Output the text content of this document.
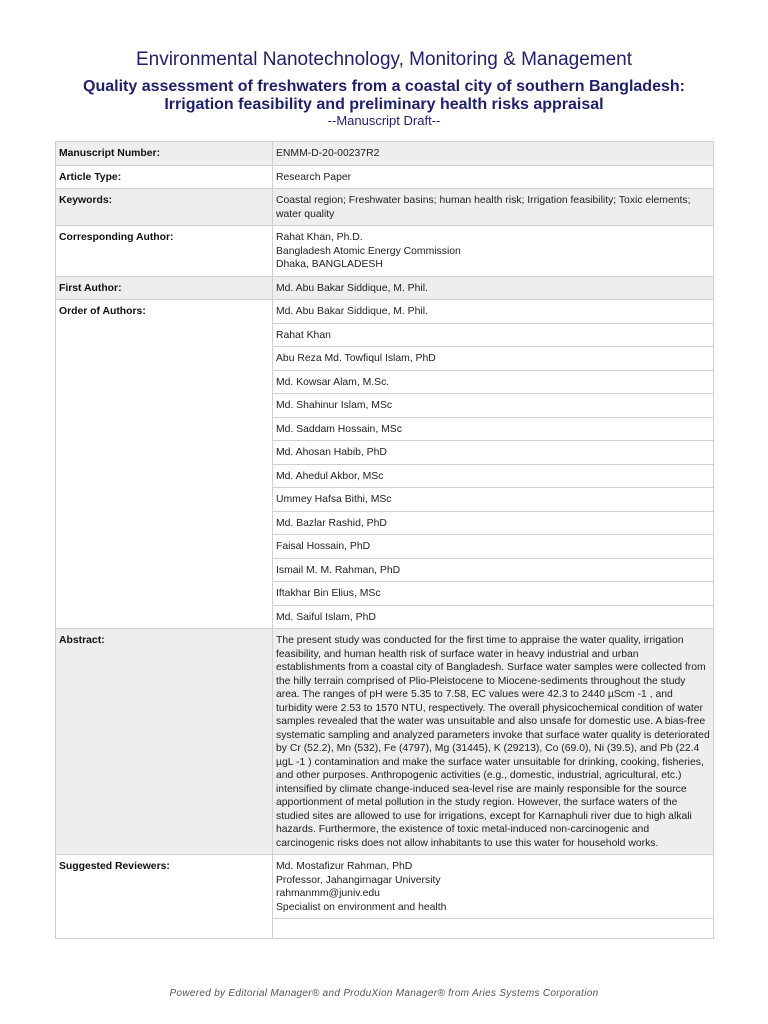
Environmental Nanotechnology, Monitoring & Management
Quality assessment of freshwaters from a coastal city of southern Bangladesh:
Irrigation feasibility and preliminary health risks appraisal
--Manuscript Draft--
Manuscript Number:	ENMM-D-20-00237R2
Article Type:	Research Paper
Keywords:	Coastal region; Freshwater basins; human health risk; Irrigation feasibility; Toxic elements; water quality
Corresponding Author:	Rahat Khan, Ph.D.
Bangladesh Atomic Energy Commission
Dhaka, BANGLADESH

First Author:	Md. Abu Bakar Siddique, M. Phil.
Order of Authors:	Md. Abu Bakar Siddique, M. Phil.
	Rahat Khan
	Abu Reza Md. Towfiqul Islam, PhD
	Md. Kowsar Alam, M.Sc.
	Md. Shahinur Islam, MSc
	Md. Saddam Hossain, MSc
	Md. Ahosan Habib, PhD
	Md. Ahedul Akbor, MSc
	Ummey Hafsa Bithi, MSc
	Md. Bazlar Rashid, PhD
	Faisal Hossain, PhD
	Ismail M. M. Rahman, PhD
	Iftakhar Bin Elius, MSc
	Md. Saiful Islam, PhD
Abstract:	The present study was conducted for the first time to appraise the water quality, irrigation feasibility, and human health risk of surface water in heavy industrial and urban establishments from a coastal city of Bangladesh. Surface water samples were collected from the hilly terrain comprised of Plio-Pleistocene to Miocene-sediments throughout the study area. The ranges of pH were 5.35 to 7.58, EC values were 42.3 to 2440 µScm -1 , and turbidity were 2.53 to 1570 NTU, respectively. The overall physicochemical condition of water samples revealed that the water was unsuitable and also unsafe for domestic use. A bias-free systematic sampling and analyzed parameters invoke that surface water quality is deteriorated by Cr (52.2), Mn (532), Fe (4797), Mg (31445), K (29213), Co (69.0), Ni (39.5), and Pb (22.4 µgL -1 ) contamination and make the surface water unsuitable for drinking, cooking, fisheries, and other purposes. Anthropogenic activities (e.g., domestic, industrial, agricultural, etc.) intensified by climate change-induced sea-level rise are mainly responsible for the source apportionment of metal pollution in the study region. However, the surface waters of the studied sites are allowed to use for irrigations, except for Karnaphuli river due to high alkali hazards. Furthermore, the existence of toxic metal-induced non-carcinogenic and carcinogenic risks does not allow inhabitants to use this water for household works.
Suggested Reviewers:	Md. Mostafizur Rahman, PhD
Professor, Jahangirnagar University
rahmanmm@juniv.edu
Specialist on environment and health

Powered by Editorial Manager® and ProduXion Manager® from Aries Systems Corporation
